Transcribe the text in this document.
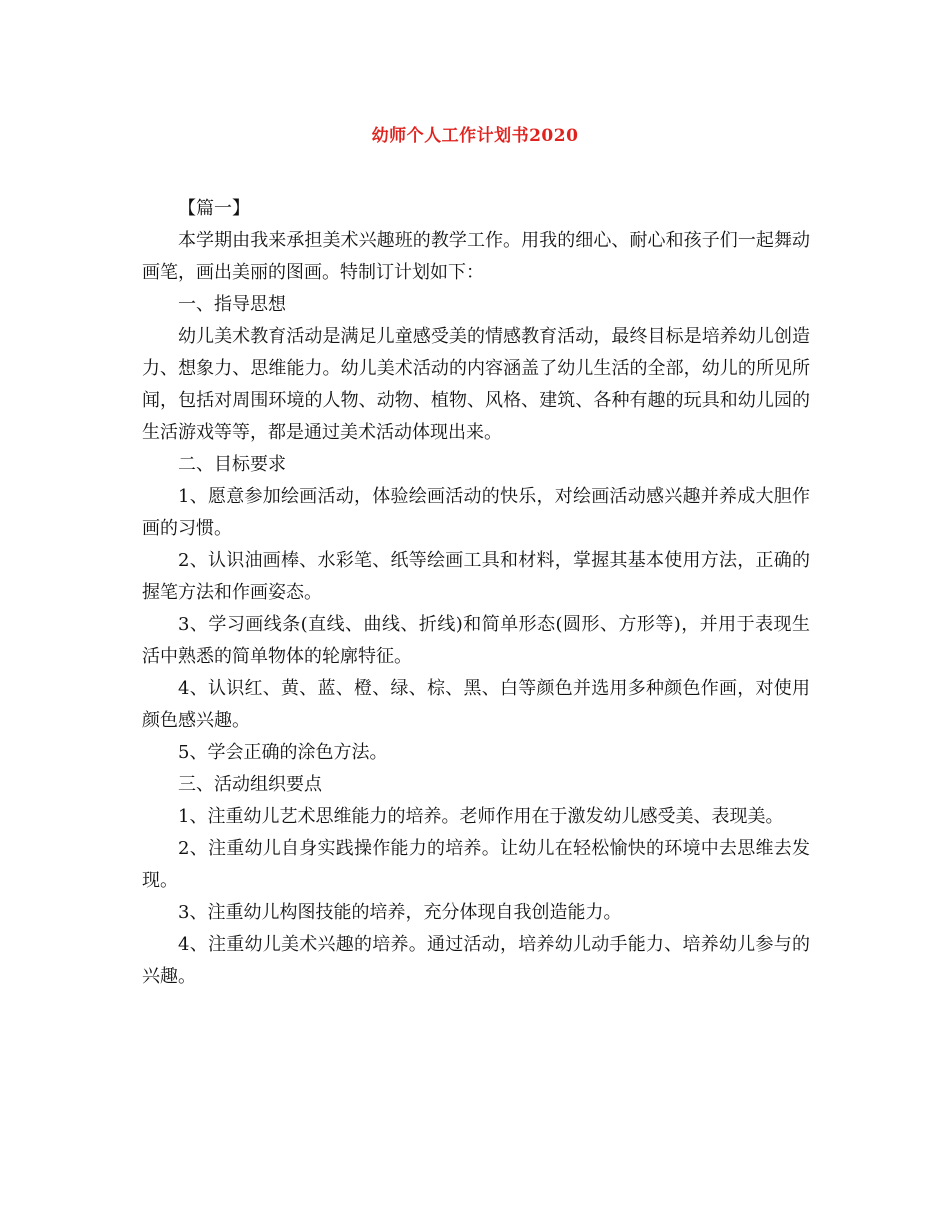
幼师个人工作计划书2020

【篇一】

本学期由我来承担美术兴趣班的教学工作。用我的细心、耐心和孩子们一起舞动画笔，画出美丽的图画。特制订计划如下：

一、指导思想

幼儿美术教育活动是满足儿童感受美的情感教育活动，最终目标是培养幼儿创造力、想象力、思维能力。幼儿美术活动的内容涵盖了幼儿生活的全部，幼儿的所见所闻，包括对周围环境的人物、动物、植物、风格、建筑、各种有趣的玩具和幼儿园的生活游戏等等，都是通过美术活动体现出来。

二、目标要求

1、愿意参加绘画活动，体验绘画活动的快乐，对绘画活动感兴趣并养成大胆作画的习惯。

2、认识油画棒、水彩笔、纸等绘画工具和材料，掌握其基本使用方法，正确的握笔方法和作画姿态。

3、学习画线条(直线、曲线、折线)和简单形态(圆形、方形等)，并用于表现生活中熟悉的简单物体的轮廓特征。

4、认识红、黄、蓝、橙、绿、棕、黑、白等颜色并选用多种颜色作画，对使用颜色感兴趣。

5、学会正确的涂色方法。

三、活动组织要点

1、注重幼儿艺术思维能力的培养。老师作用在于激发幼儿感受美、表现美。

2、注重幼儿自身实践操作能力的培养。让幼儿在轻松愉快的环境中去思维去发现。

3、注重幼儿构图技能的培养，充分体现自我创造能力。

4、注重幼儿美术兴趣的培养。通过活动，培养幼儿动手能力、培养幼儿参与的兴趣。
